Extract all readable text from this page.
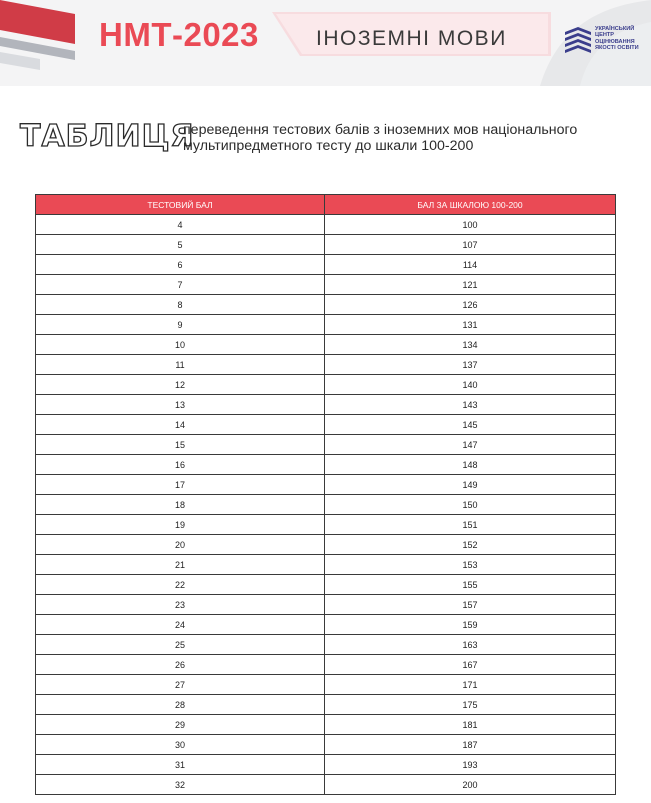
НМТ-2023	ІНОЗЕМНІ МОВИ	УКРАЇНСЬКИЙ
ЦЕНТР
ОЦІНЮВАННЯ
ЯКОСТІ ОСВІТИ
ТАБЛИЦЯ
переведення тестових балів з іноземних мов національного мультипредметного тесту до шкали 100-200
ТЕСТОВИЙ БАЛ	БАЛ ЗА ШКАЛОЮ 100-200
4	100
5	107
6	114
7	121
8	126
9	131
10	134
11	137
12	140
13	143
14	145
15	147
16	148
17	149
18	150
19	151
20	152
21	153
22	155
23	157
24	159
25	163
26	167
27	171
28	175
29	181
30	187
31	193
32	200
